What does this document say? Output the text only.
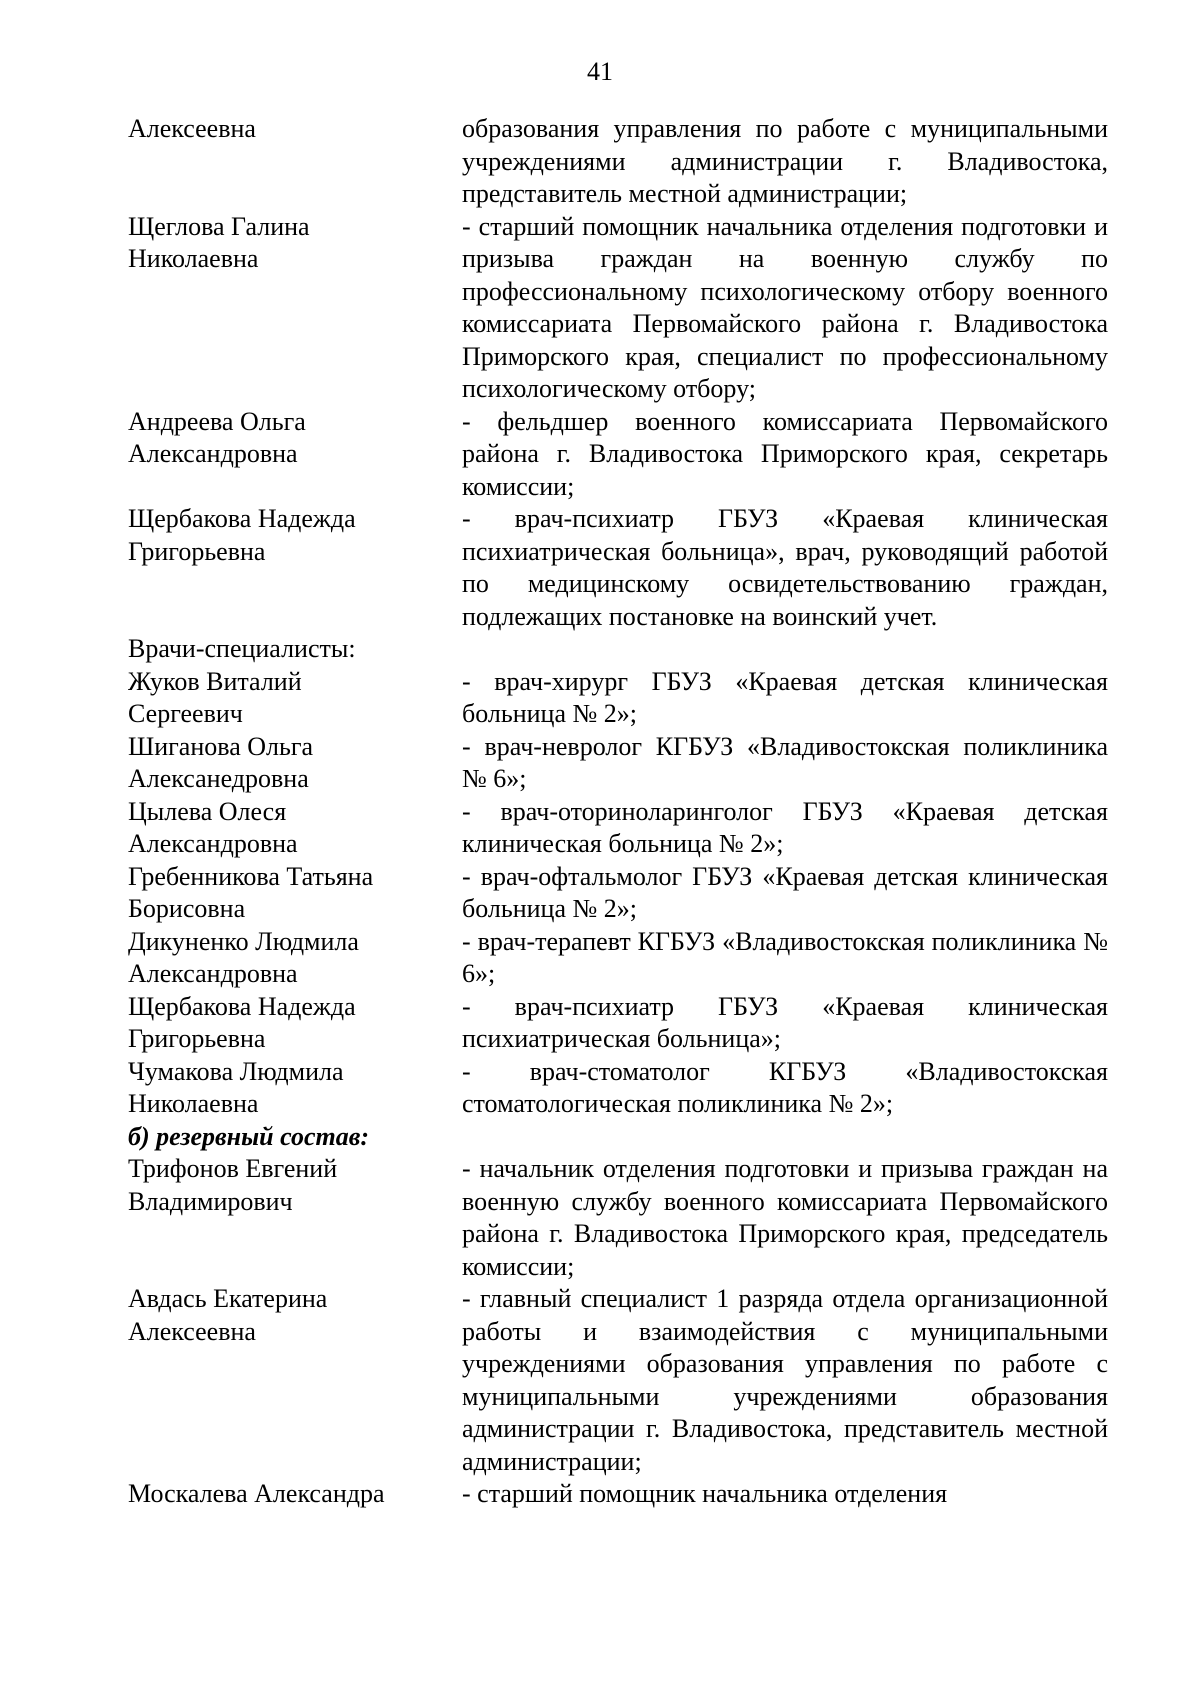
41
Алексеевна	образования управления по работе с муниципальными учреждениями администрации г. Владивостока, представитель местной администрации;
Щеглова Галина
Николаевна
- старший помощник начальника отделения подготовки и призыва граждан на военную службу по профессиональному психологическому отбору военного комиссариата Первомайского района г. Владивостока Приморского края, специалист по профессиональному психологическому отбору;
Андреева Ольга
Александровна
- фельдшер военного комиссариата Первомайского района г. Владивостока Приморского края, секретарь комиссии;
Щербакова Надежда
Григорьевна
- врач-психиатр ГБУЗ «Краевая клиническая психиатрическая больница», врач, руководящий работой по медицинскому освидетельствованию граждан, подлежащих постановке на воинский учет.
Врачи-специалисты:
Жуков Виталий
Сергеевич
- врач-хирург ГБУЗ «Краевая детская клиническая больница № 2»;
Шиганова Ольга
Алексанедровна
- врач-невролог КГБУЗ «Владивостокская поликлиника № 6»;
Цылева Олеся
Александровна
- врач-оториноларинголог ГБУЗ «Краевая детская клиническая больница № 2»;
Гребенникова Татьяна
Борисовна
- врач-офтальмолог ГБУЗ «Краевая детская клиническая больница № 2»;
Дикуненко Людмила
Александровна
- врач-терапевт КГБУЗ «Владивостокская поликлиника № 6»;
Щербакова Надежда
Григорьевна
- врач-психиатр ГБУЗ «Краевая клиническая психиатрическая больница»;
Чумакова Людмила
Николаевна
- врач-стоматолог КГБУЗ «Владивостокская стоматологическая поликлиника № 2»;
б) резервный состав:
Трифонов Евгений
Владимирович
- начальник отделения подготовки и призыва граждан на военную службу военного комиссариата Первомайского района г. Владивостока Приморского края, председатель комиссии;
Авдась Екатерина
Алексеевна
- главный специалист 1 разряда отдела организационной работы и взаимодействия с муниципальными учреждениями образования управления по работе с муниципальными учреждениями образования администрации г. Владивостока, представитель местной администрации;
Москалева Александра	- старший помощник начальника отделения
